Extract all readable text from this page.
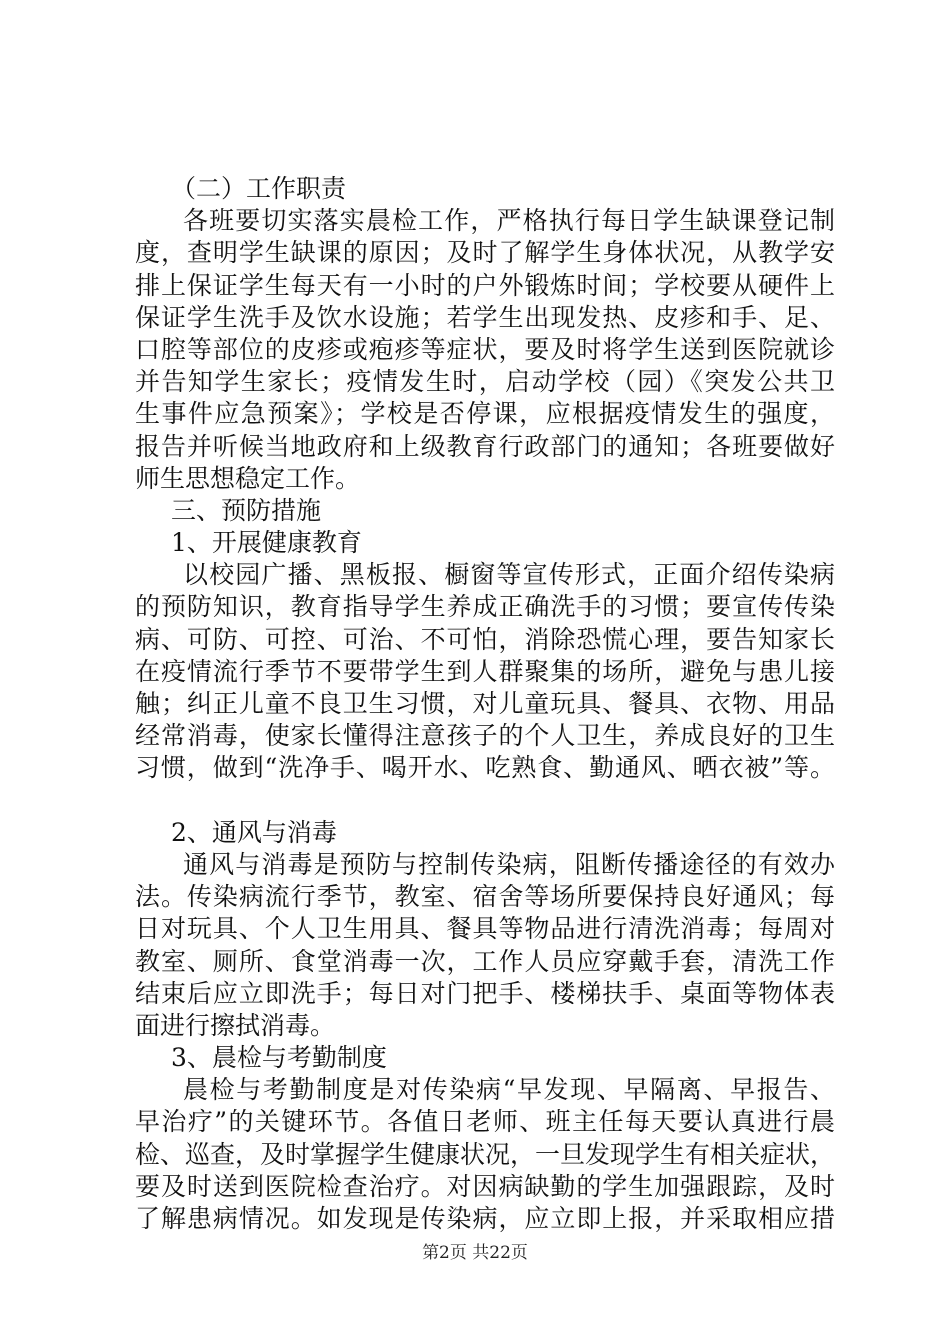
（二）工作职责

各班要切实落实晨检工作，严格执行每日学生缺课登记制

度，查明学生缺课的原因；及时了解学生身体状况，从教学安

排上保证学生每天有一小时的户外锻炼时间；学校要从硬件上

保证学生洗手及饮水设施；若学生出现发热、皮疹和手、足、

口腔等部位的皮疹或疱疹等症状，要及时将学生送到医院就诊

并告知学生家长；疫情发生时，启动学校（园）《突发公共卫

生事件应急预案》；学校是否停课，应根据疫情发生的强度，

报告并听候当地政府和上级教育行政部门的通知；各班要做好

师生思想稳定工作。

三、预防措施

1、开展健康教育

以校园广播、黑板报、橱窗等宣传形式，正面介绍传染病

的预防知识，教育指导学生养成正确洗手的习惯；要宣传传染

病、可防、可控、可治、不可怕，消除恐慌心理，要告知家长

在疫情流行季节不要带学生到人群聚集的场所，避免与患儿接

触；纠正儿童不良卫生习惯，对儿童玩具、餐具、衣物、用品

经常消毒，使家长懂得注意孩子的个人卫生，养成良好的卫生

习惯，做到“洗净手、喝开水、吃熟食、勤通风、晒衣被”等。

2、通风与消毒

通风与消毒是预防与控制传染病，阻断传播途径的有效办

法。传染病流行季节，教室、宿舍等场所要保持良好通风；每

日对玩具、个人卫生用具、餐具等物品进行清洗消毒；每周对

教室、厕所、食堂消毒一次，工作人员应穿戴手套，清洗工作

结束后应立即洗手；每日对门把手、楼梯扶手、桌面等物体表

面进行擦拭消毒。

3、晨检与考勤制度

晨检与考勤制度是对传染病“早发现、早隔离、早报告、

早治疗”的关键环节。各值日老师、班主任每天要认真进行晨

检、巡查，及时掌握学生健康状况，一旦发现学生有相关症状，

要及时送到医院检查治疗。对因病缺勤的学生加强跟踪，及时

了解患病情况。如发现是传染病，应立即上报，并采取相应措

第2页 共22页
